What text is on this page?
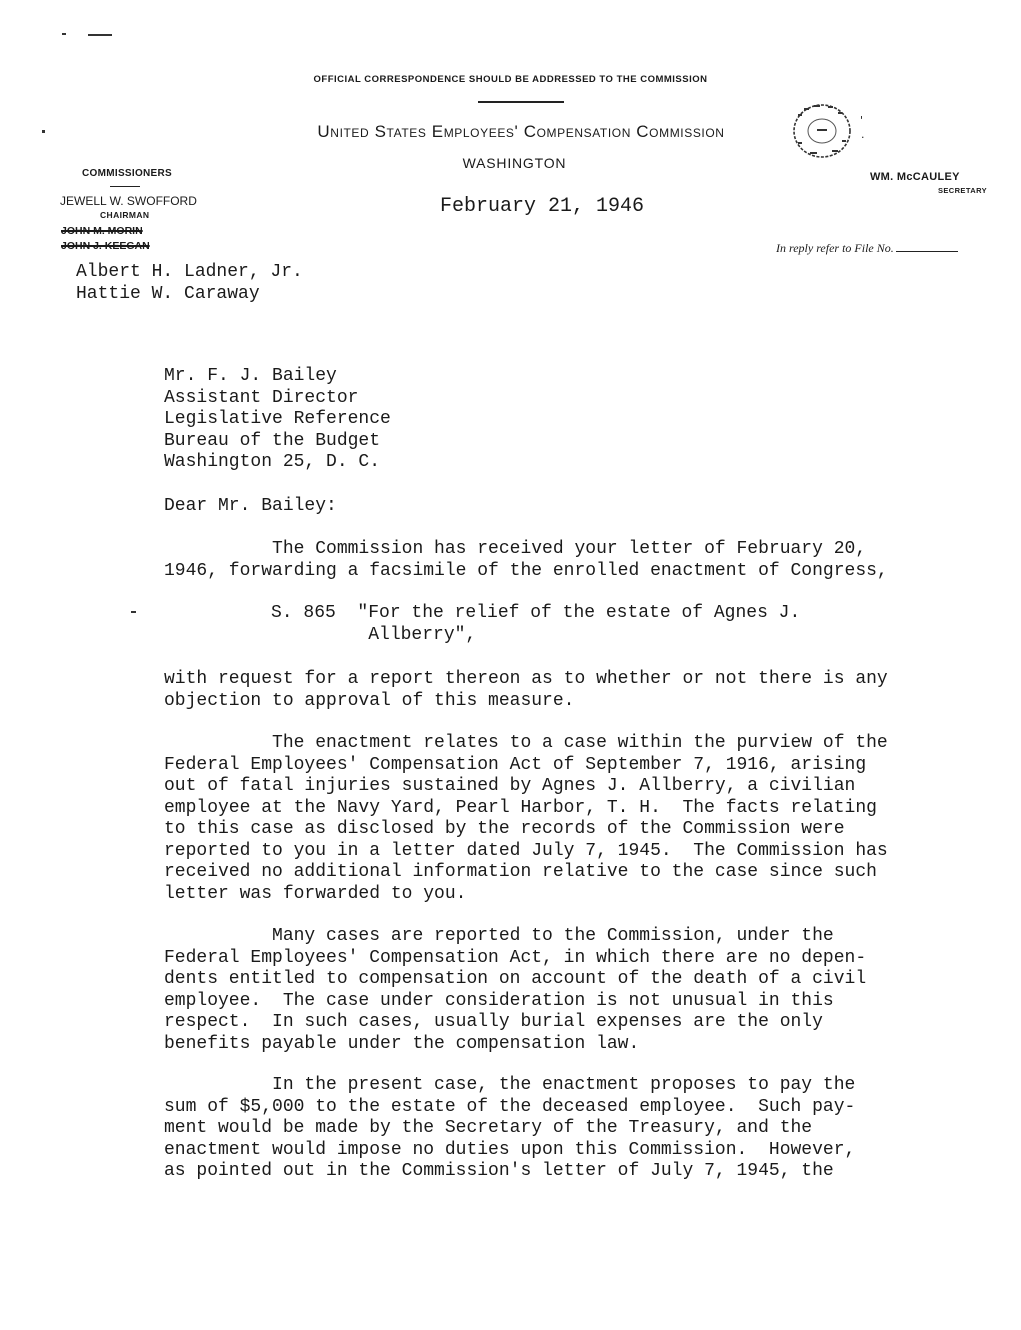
OFFICIAL CORRESPONDENCE SHOULD BE ADDRESSED TO THE COMMISSION
United States Employees' Compensation Commission
WASHINGTON
February 21, 1946
COMMISSIONERS
JEWELL W. SWOFFORD
CHAIRMAN
JOHN M. MORIN
JOHN J. KEEGAN
WM. McCAULEY
SECRETARY
In reply refer to File No.
'
.
Albert H. Ladner, Jr.
Hattie W. Caraway
Mr. F. J. Bailey
Assistant Director
Legislative Reference
Bureau of the Budget
Washington 25, D. C.
Dear Mr. Bailey:
The Commission has received your letter of February 20,
1946, forwarding a facsimile of the enrolled enactment of Congress,
S. 865  "For the relief of the estate of Agnes J.
Allberry",
with request for a report thereon as to whether or not there is any
objection to approval of this measure.
The enactment relates to a case within the purview of the
Federal Employees' Compensation Act of September 7, 1916, arising
out of fatal injuries sustained by Agnes J. Allberry, a civilian
employee at the Navy Yard, Pearl Harbor, T. H.  The facts relating
to this case as disclosed by the records of the Commission were
reported to you in a letter dated July 7, 1945.  The Commission has
received no additional information relative to the case since such
letter was forwarded to you.
Many cases are reported to the Commission, under the
Federal Employees' Compensation Act, in which there are no depen-
dents entitled to compensation on account of the death of a civil
employee.  The case under consideration is not unusual in this
respect.  In such cases, usually burial expenses are the only
benefits payable under the compensation law.
In the present case, the enactment proposes to pay the
sum of $5,000 to the estate of the deceased employee.  Such pay-
ment would be made by the Secretary of the Treasury, and the
enactment would impose no duties upon this Commission.  However,
as pointed out in the Commission's letter of July 7, 1945, the
